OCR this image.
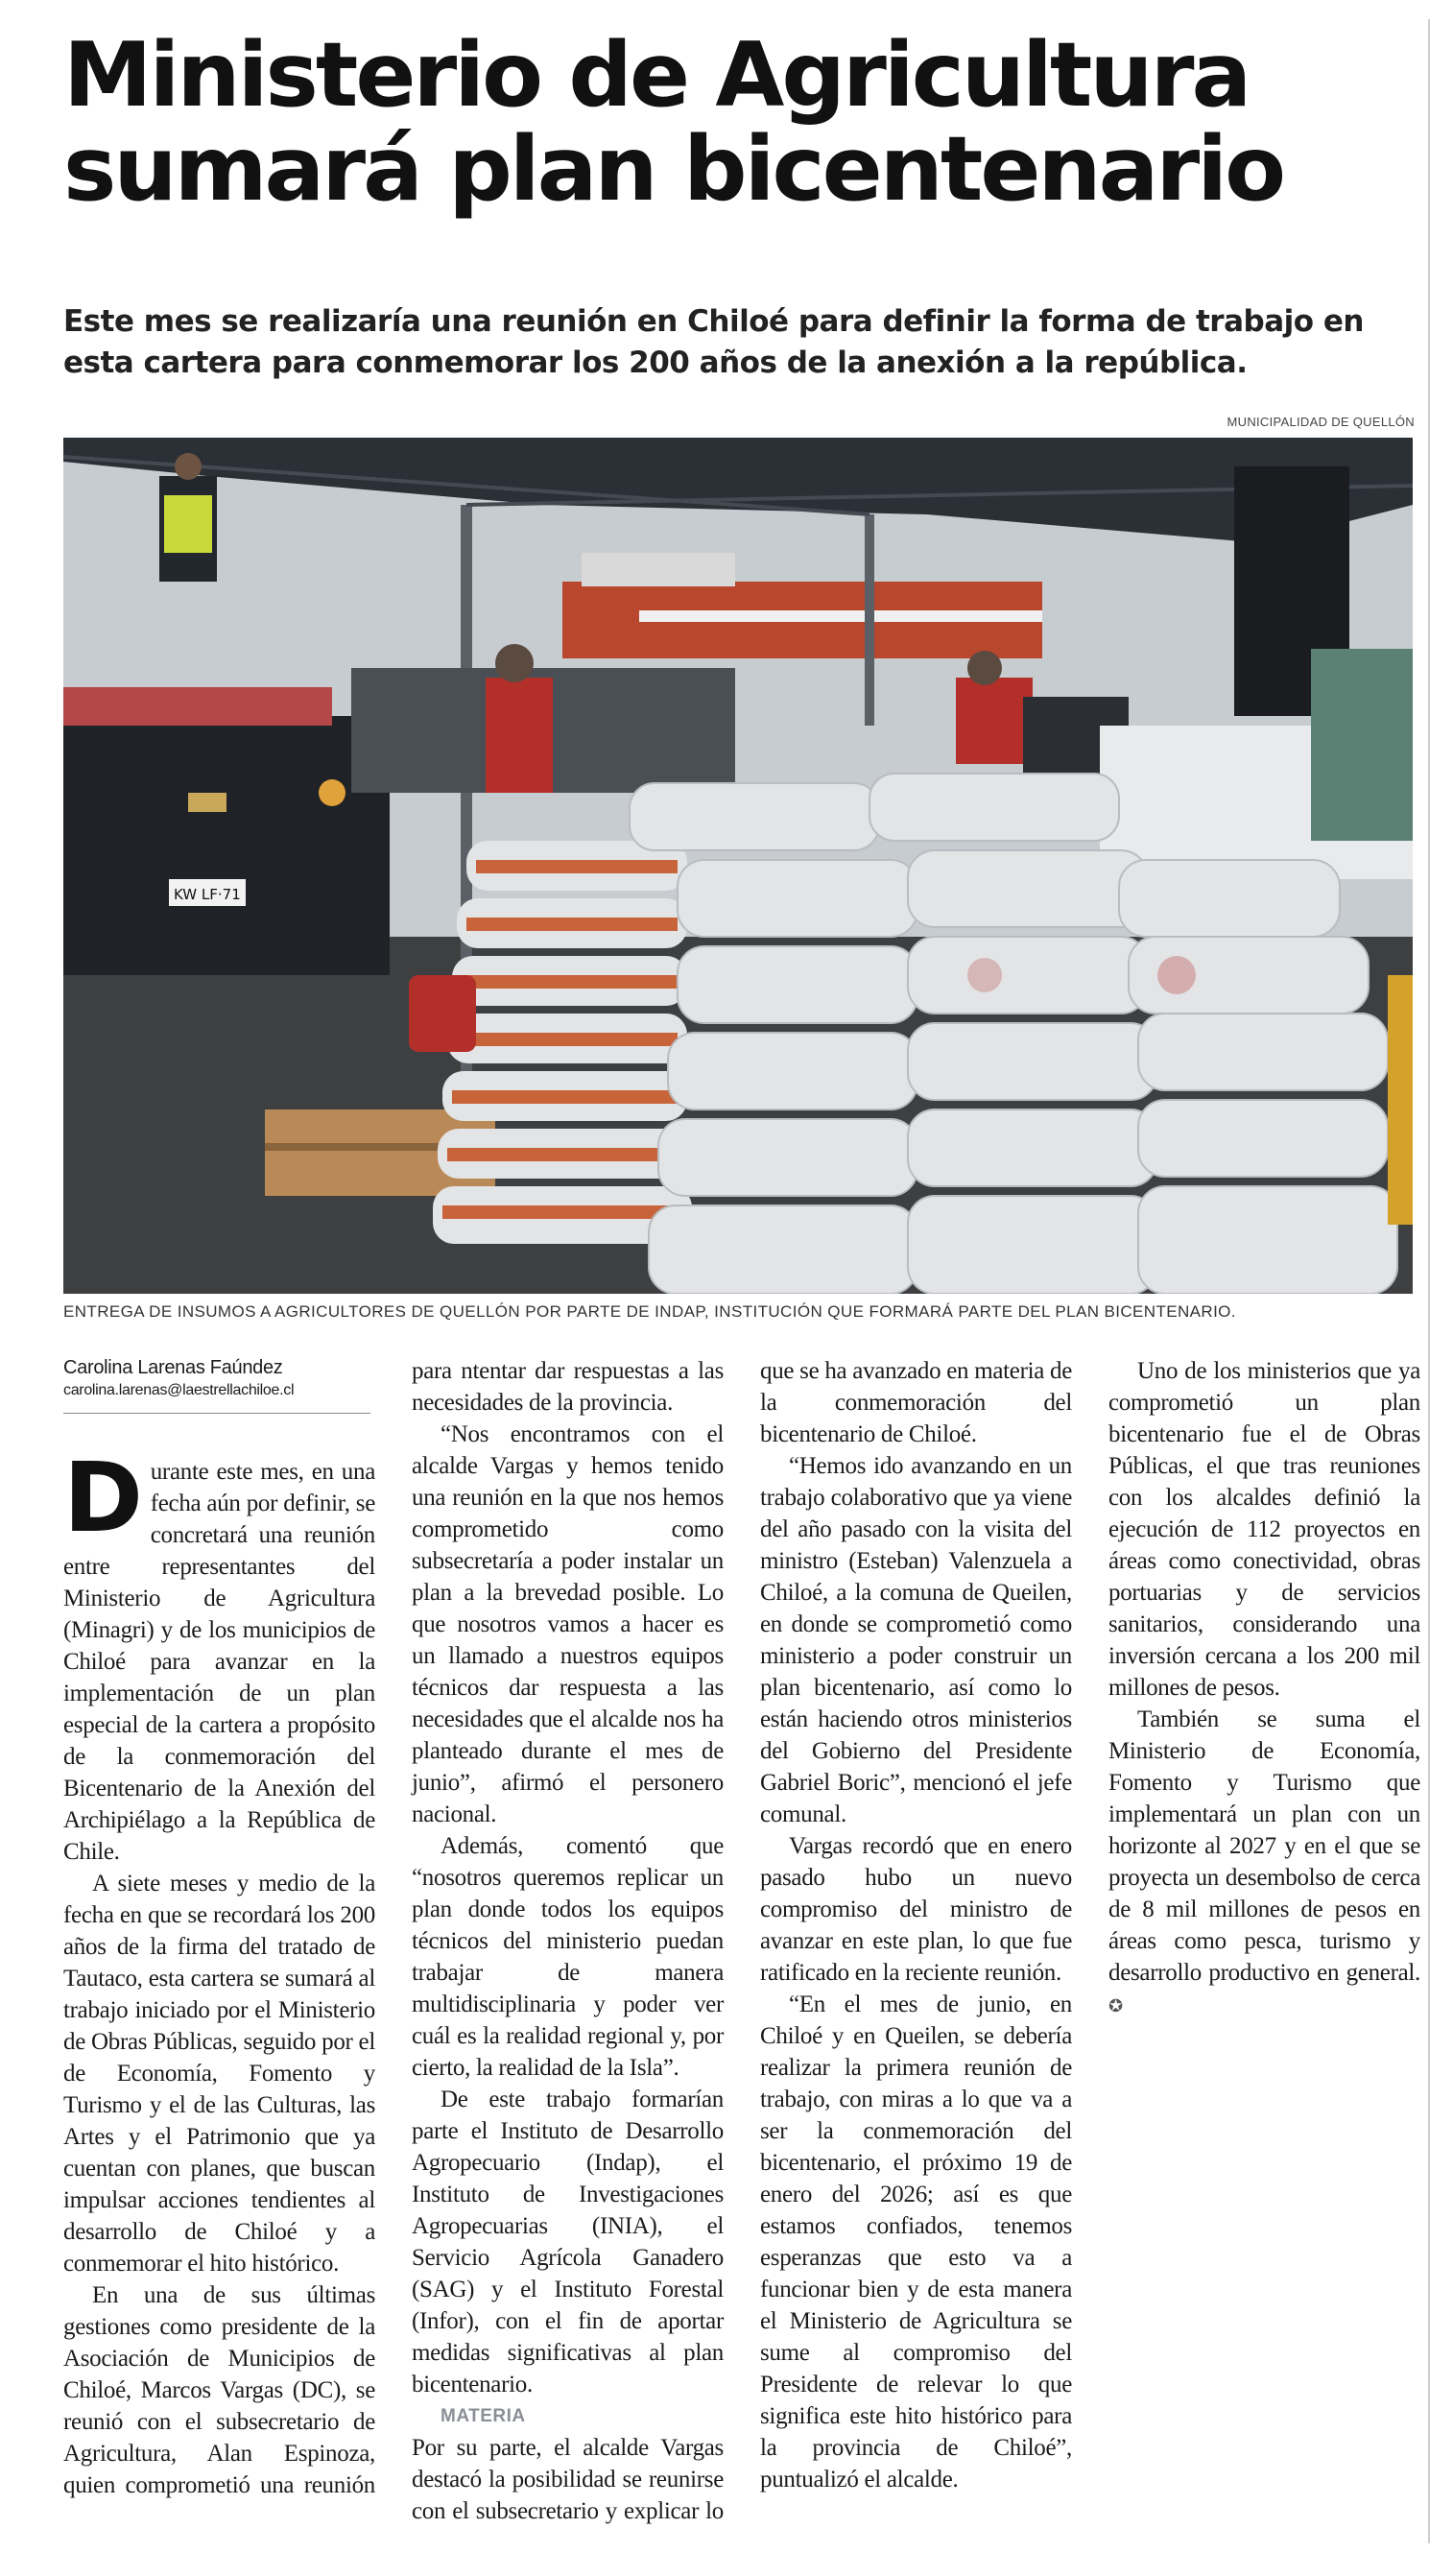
Ministerio de Agricultura
sumará plan bicentenario

Este mes se realizaría una reunión en Chiloé para definir la forma de trabajo en esta cartera para conmemorar los 200 años de la anexión a la república.

MUNICIPALIDAD DE QUELLÓN
KW LF·71
ENTREGA DE INSUMOS A AGRICULTORES DE QUELLÓN POR PARTE DE INDAP, INSTITUCIÓN QUE FORMARÁ PARTE DEL PLAN BICENTENARIO.
Carolina Larenas Faúndez
carolina.larenas@laestrellachiloe.cl

Durante este mes, en una fecha aún por definir, se concretará una reunión entre representantes del Ministerio de Agricultura (Minagri) y de los municipios de Chiloé para avanzar en la implementación de un plan especial de la cartera a propósito de la conmemoración del Bicentenario de la Anexión del Archipiélago a la República de Chile.

A siete meses y medio de la fecha en que se recordará los 200 años de la firma del tratado de Tautaco, esta cartera se sumará al trabajo iniciado por el Ministerio de Obras Públicas, seguido por el de Economía, Fomento y Turismo y el de las Culturas, las Artes y el Patrimonio que ya cuentan con planes, que buscan impulsar acciones tendientes al desarrollo de Chiloé y a conmemorar el hito histórico.

En una de sus últimas gestiones como presidente de la Asociación de Municipios de Chiloé, Marcos Vargas (DC), se reunió con el subsecretario de Agricultura, Alan Espinoza, quien comprometió una reunión para ntentar dar respuestas a las necesidades de la provincia.

“Nos encontramos con el alcalde Vargas y hemos tenido una reunión en la que nos hemos comprometido como subsecretaría a poder instalar un plan a la brevedad posible. Lo que nosotros vamos a hacer es un llamado a nuestros equipos técnicos dar respuesta a las necesidades que el alcalde nos ha planteado durante el mes de junio”, afirmó el personero nacional.

Además, comentó que “nosotros queremos replicar un plan donde todos los equipos técnicos del ministerio puedan trabajar de manera multidisciplinaria y poder ver cuál es la realidad regional y, por cierto, la realidad de la Isla”.

De este trabajo formarían parte el Instituto de Desarrollo Agropecuario (Indap), el Instituto de Investigaciones Agropecuarias (INIA), el Servicio Agrícola Ganadero (SAG) y el Instituto Forestal (Infor), con el fin de aportar medidas significativas al plan bicentenario.

MATERIA

Por su parte, el alcalde Vargas destacó la posibilidad se reunirse con el subsecretario y explicar lo que se ha avanzado en materia de la conmemoración del bicentenario de Chiloé.

“Hemos ido avanzando en un trabajo colaborativo que ya viene del año pasado con la visita del ministro (Esteban) Valenzuela a Chiloé, a la comuna de Queilen, en donde se comprometió como ministerio a poder construir un plan bicentenario, así como lo están haciendo otros ministerios del Gobierno del Presidente Gabriel Boric”, mencionó el jefe comunal.

Vargas recordó que en enero pasado hubo un nuevo compromiso del ministro de avanzar en este plan, lo que fue ratificado en la reciente reunión.

“En el mes de junio, en Chiloé y en Queilen, se debería realizar la primera reunión de trabajo, con miras a lo que va a ser la conmemoración del bicentenario, el próximo 19 de enero del 2026; así es que estamos confiados, tenemos esperanzas que esto va a funcionar bien y de esta manera el Ministerio de Agricultura se sume al compromiso del Presidente de relevar lo que significa este hito histórico para la provincia de Chiloé”, puntualizó el alcalde.

Uno de los ministerios que ya comprometió un plan bicentenario fue el de Obras Públicas, el que tras reuniones con los alcaldes definió la ejecución de 112 proyectos en áreas como conectividad, obras portuarias y de servicios sanitarios, considerando una inversión cercana a los 200 mil millones de pesos.

También se suma el Ministerio de Economía, Fomento y Turismo que implementará un plan con un horizonte al 2027 y en el que se proyecta un desembolso de cerca de 8 mil millones de pesos en áreas como pesca, turismo y desarrollo productivo en general. ✪
